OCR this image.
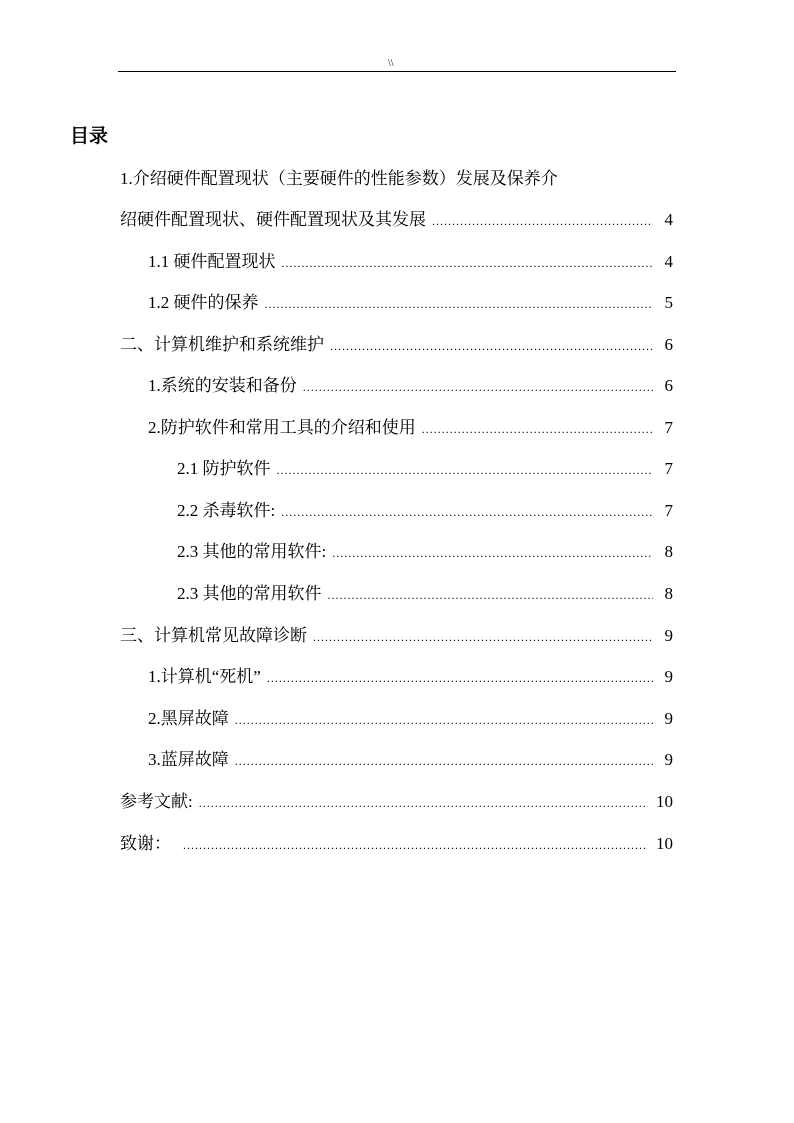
\\
目录
1.介绍硬件配置现状（主要硬件的性能参数）发展及保养介
绍硬件配置现状、硬件配置现状及其发展 .....	4
1.1 硬件配置现状 .....	4
1.2 硬件的保养 .....	5
二、计算机维护和系统维护 .....	6
1.系统的安装和备份 .....	6
2.防护软件和常用工具的介绍和使用 .....	7
2.1 防护软件 .....	7
2.2 杀毒软件: .....	7
2.3 其他的常用软件: .....	8
2.3 其他的常用软件 .....	8
三、计算机常见故障诊断 .....	9
1.计算机“死机” .....	9
2.黑屏故障 .....	9
3.蓝屏故障 .....	9
参考文献: .....	10
致谢： .....	10
